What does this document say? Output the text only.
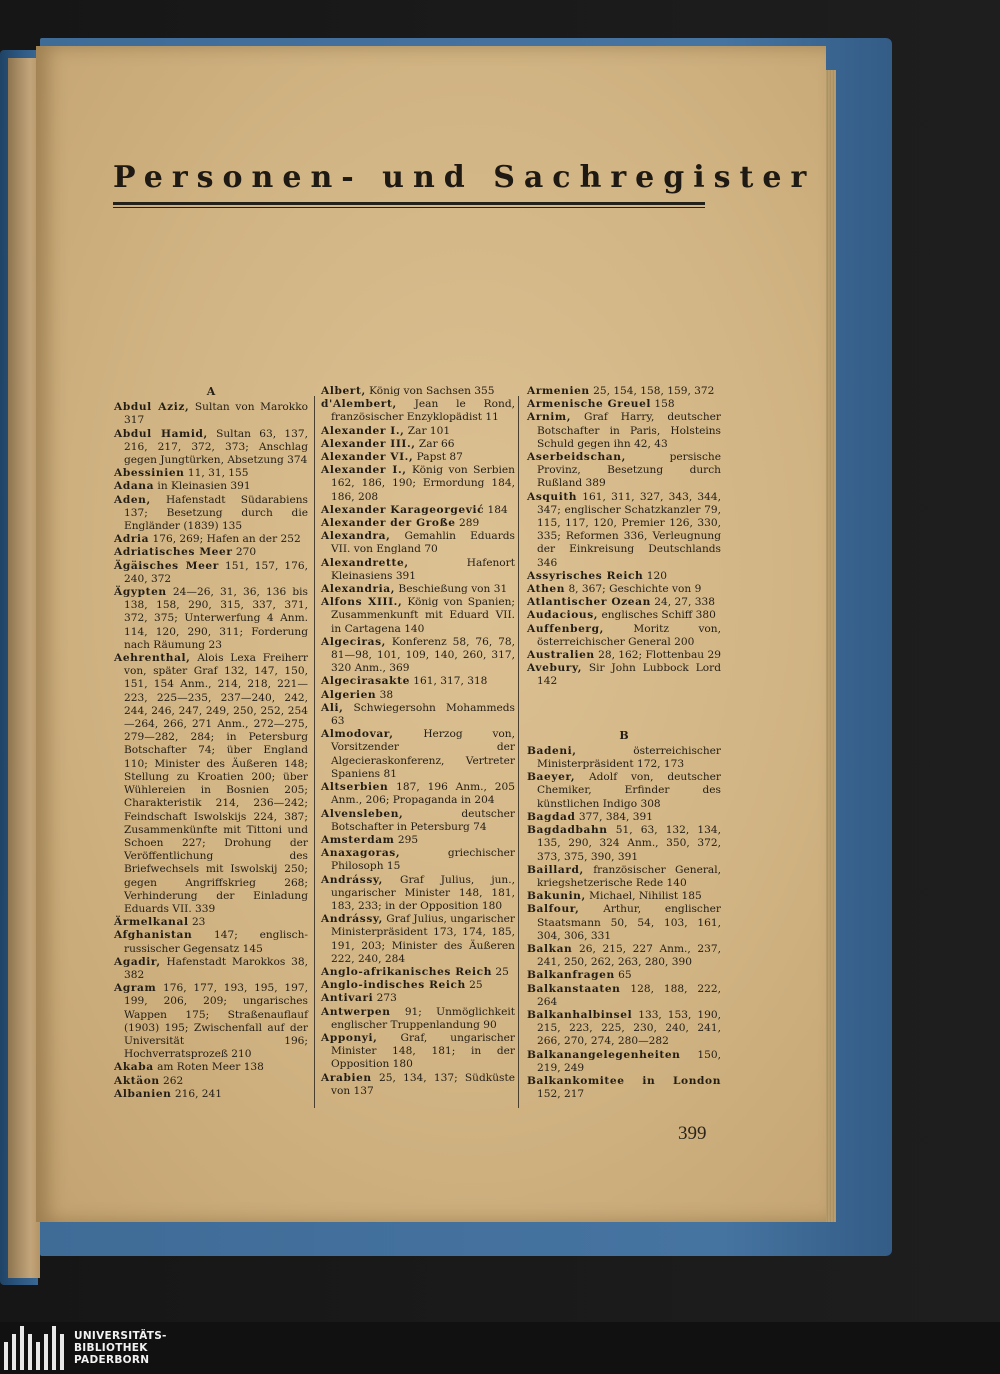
Personen- und Sachregister
A

Abdul Aziz, Sultan von Marokko 317

Abdul Hamid, Sultan 63, 137, 216, 217, 372, 373; Anschlag gegen Jungtürken, Absetzung 374

Abessinien 11, 31, 155

Adana in Kleinasien 391

Aden, Hafenstadt Südarabiens 137; Besetzung durch die Engländer (1839) 135

Adria 176, 269; Hafen an der 252

Adriatisches Meer 270

Ägäisches Meer 151, 157, 176, 240, 372

Ägypten 24—26, 31, 36, 136 bis 138, 158, 290, 315, 337, 371, 372, 375; Unterwerfung 4 Anm. 114, 120, 290, 311; Forderung nach Räumung 23

Aehrenthal, Alois Lexa Freiherr von, später Graf 132, 147, 150, 151, 154 Anm., 214, 218, 221—223, 225—235, 237—240, 242, 244, 246, 247, 249, 250, 252, 254—264, 266, 271 Anm., 272—275, 279—282, 284; in Petersburg Botschafter 74; über England 110; Minister des Äußeren 148; Stellung zu Kroatien 200; über Wühlereien in Bosnien 205; Charakteristik 214, 236—242; Feindschaft Iswolskijs 224, 387; Zusammenkünfte mit Tittoni und Schoen 227; Drohung der Veröffentlichung des Briefwechsels mit Iswolskij 250; gegen Angriffskrieg 268; Verhinderung der Einladung Eduards VII. 339

Ärmelkanal 23

Afghanistan 147; englisch-russischer Gegensatz 145

Agadir, Hafenstadt Marokkos 38, 382

Agram 176, 177, 193, 195, 197, 199, 206, 209; ungarisches Wappen 175; Straßenauflauf (1903) 195; Zwischenfall auf der Universität 196; Hochverratsprozeß 210

Akaba am Roten Meer 138

Aktäon 262

Albanien 216, 241

Albert, König von Sachsen 355

d'Alembert, Jean le Rond, französischer Enzyklopädist 11

Alexander I., Zar 101

Alexander III., Zar 66

Alexander VI., Papst 87

Alexander I., König von Serbien 162, 186, 190; Ermordung 184, 186, 208

Alexander Karageorgević 184

Alexander der Große 289

Alexandra, Gemahlin Eduards VII. von England 70

Alexandrette, Hafenort Kleinasiens 391

Alexandria, Beschießung von 31

Alfons XIII., König von Spanien; Zusammenkunft mit Eduard VII. in Cartagena 140

Algeciras, Konferenz 58, 76, 78, 81—98, 101, 109, 140, 260, 317, 320 Anm., 369

Algecirasakte 161, 317, 318

Algerien 38

Ali, Schwiegersohn Mohammeds 63

Almodovar, Herzog von, Vorsitzender der Algecieraskonferenz, Vertreter Spaniens 81

Altserbien 187, 196 Anm., 205 Anm., 206; Propaganda in 204

Alvensleben, deutscher Botschafter in Petersburg 74

Amsterdam 295

Anaxagoras, griechischer Philosoph 15

Andrássy, Graf Julius, jun., ungarischer Minister 148, 181, 183, 233; in der Opposition 180

Andrássy, Graf Julius, ungarischer Ministerpräsident 173, 174, 185, 191, 203; Minister des Äußeren 222, 240, 284

Anglo-afrikanisches Reich 25

Anglo-indisches Reich 25

Antivari 273

Antwerpen 91; Unmöglichkeit englischer Truppenlandung 90

Apponyi, Graf, ungarischer Minister 148, 181; in der Opposition 180

Arabien 25, 134, 137; Südküste von 137

Armenien 25, 154, 158, 159, 372

Armenische Greuel 158

Arnim, Graf Harry, deutscher Botschafter in Paris, Holsteins Schuld gegen ihn 42, 43

Aserbeidschan, persische Provinz, Besetzung durch Rußland 389

Asquith 161, 311, 327, 343, 344, 347; englischer Schatzkanzler 79, 115, 117, 120, Premier 126, 330, 335; Reformen 336, Verleugnung der Einkreisung Deutschlands 346

Assyrisches Reich 120

Athen 8, 367; Geschichte von 9

Atlantischer Ozean 24, 27, 338

Audacious, englisches Schiff 380

Auffenberg, Moritz von, österreichischer General 200

Australien 28, 162; Flottenbau 29

Avebury, Sir John Lubbock Lord 142

B

Badeni, österreichischer Ministerpräsident 172, 173

Baeyer, Adolf von, deutscher Chemiker, Erfinder des künstlichen Indigo 308

Bagdad 377, 384, 391

Bagdadbahn 51, 63, 132, 134, 135, 290, 324 Anm., 350, 372, 373, 375, 390, 391

Baillard, französischer General, kriegshetzerische Rede 140

Bakunin, Michael, Nihilist 185

Balfour, Arthur, englischer Staatsmann 50, 54, 103, 161, 304, 306, 331

Balkan 26, 215, 227 Anm., 237, 241, 250, 262, 263, 280, 390

Balkanfragen 65

Balkanstaaten 128, 188, 222, 264

Balkanhalbinsel 133, 153, 190, 215, 223, 225, 230, 240, 241, 266, 270, 274, 280—282

Balkanangelegenheiten 150, 219, 249

Balkankomitee in London 152, 217

399
UNIVERSITÄTS-
BIBLIOTHEK
PADERBORN
